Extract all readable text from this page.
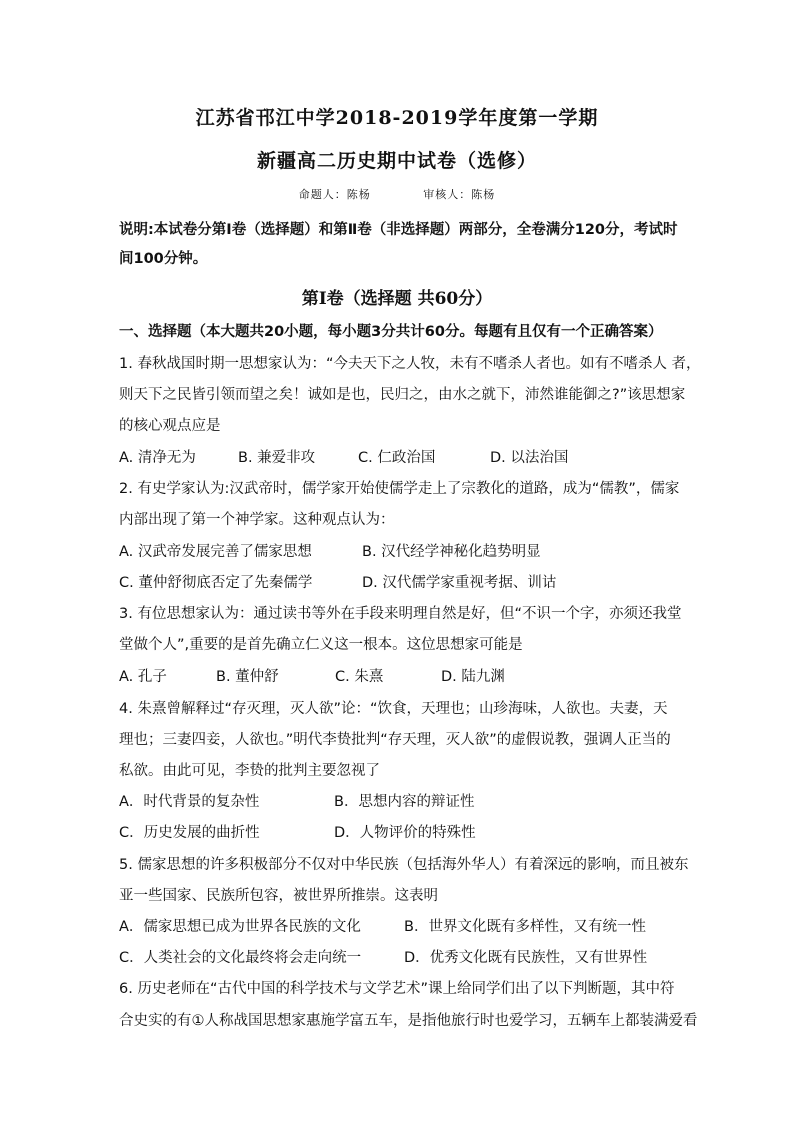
江苏省邗江中学2018-2019学年度第一学期
新疆高二历史期中试卷（选修）
命题人：陈杨	审核人：陈杨
说明:本试卷分第Ⅰ卷（选择题）和第Ⅱ卷（非选择题）两部分，全卷满分120分，考试时
间100分钟。
第Ⅰ卷（选择题 共60分）
一、选择题（本大题共20小题，每小题3分共计60分。每题有且仅有一个正确答案）
1. 春秋战国时期一思想家认为：“今夫天下之人牧，未有不嗜杀人者也。如有不嗜杀人 者，
则天下之民皆引领而望之矣！诚如是也，民归之，由水之就下，沛然谁能御之?”该思想家
的核心观点应是
A. 清净无为	B. 兼爱非攻	C. 仁政治国	D. 以法治国
2. 有史学家认为:汉武帝时，儒学家开始使儒学走上了宗教化的道路，成为“儒教”，儒家
内部出现了第一个神学家。这种观点认为：
A. 汉武帝发展完善了儒家思想	B. 汉代经学神秘化趋势明显
C. 董仲舒彻底否定了先秦儒学	D. 汉代儒学家重视考据、训诂
3. 有位思想家认为：通过读书等外在手段来明理自然是好，但“不识一个字，亦须还我堂
堂做个人”,重要的是首先确立仁义这一根本。这位思想家可能是
A. 孔子	B. 董仲舒	C. 朱熹	D. 陆九渊
4. 朱熹曾解释过“存灭理，灭人欲”论：“饮食，天理也；山珍海味，人欲也。夫妻，天
理也；三妻四妾，人欲也。”明代李贽批判“存天理，灭人欲”的虚假说教，强调人正当的
私欲。由此可见，李贽的批判主要忽视了
A．时代背景的复杂性	B．思想内容的辩证性
C．历史发展的曲折性	D．人物评价的特殊性
5. 儒家思想的许多积极部分不仅对中华民族（包括海外华人）有着深远的影响，而且被东
亚一些国家、民族所包容，被世界所推崇。这表明
A．儒家思想已成为世界各民族的文化	B．世界文化既有多样性，又有统一性
C．人类社会的文化最终将会走向统一	D．优秀文化既有民族性，又有世界性
6. 历史老师在“古代中国的科学技术与文学艺术”课上给同学们出了以下判断题，其中符
合史实的有①人称战国思想家惠施学富五车，是指他旅行时也爱学习，五辆车上都装满爱看
